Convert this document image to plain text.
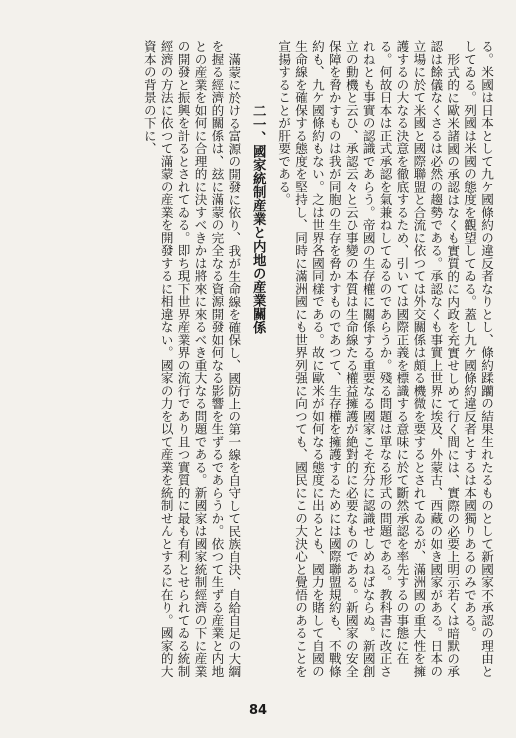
る。米國は日本として九ケ國條約の違反者なりとし、條約蹂躪の結果生れたるものとして新國家不承認の理由としてゐる。列國は米國の態度を觀望してゐる。蓋し九ケ國條約違反者とするは本國獨りあるのみである。

形式的に歐米諸國の承認はなくも實質的に内政を充實せしめて行く間には、實際の必要上明示若くは暗默の承認は餘儀なくさるは必然の趨勢である。承認なくも事實上世界に埃及、外蒙古、西藏の如き國家がある。日本の立場に於て米國と國際聯盟と合流に依つては外交關係は頗る機微を要するとされてゐるが、滿洲國の重大性を擁護するの大なる決意を徹底するため、引いては國際正義を標識する意味に於て斷然承認を率先するの事態に在る。何故日本は正式承認を氣兼ねしてゐるのであらうか。殘る問題は單なる形式の問題である。教科書に改正されねとも事實の認識であらう。帝國の生存權に關係する重要なる國家こそ充分に認識せしめねばならぬ。新國創立の動機と云ひ、承認云々と云ひ事變の本質は生命線たる權益擁護が絶對的に必要なものである。新國家の安全保障を脅かすものは我が同胞の生存を脅かすものであつて、生存權を擁護するためには國際聯盟規約も、不戰條約も、九ケ國條約もない。之は世界各國同樣である。故に歐米が如何なる態度に出るとも、國力を賭して自國の生命線を確保する態度を堅持し、同時に滿洲國にも世界列强に向つても、國民にこの大決心と覺悟のあることを宣揚することが肝要である。

二一、國家統制産業と内地の産業關係

滿蒙に於ける富源の開發に依り、我が生命線を確保し、國防上の第一線を自守して民族自決、自給自足の大綱を握る經濟的關係は、玆に滿蒙の完全なる資源開發如何なる影響を生ずるであらうか。依つて生ずる産業と内地との産業を如何に合理的に決すべきかは將來に來るべき重大なる問題である。新國家は國家統制經濟の下に産業の開發と振興を計るとされてゐる。即ち現下世界産業界の流行であり且つ實質的に最も有利とせられてゐる統制經濟の方法に依つて滿蒙の産業を開發するに相違ない。國家の力を以て産業を統制せんとするに在り。國家的大資本の背景の下に、

84
